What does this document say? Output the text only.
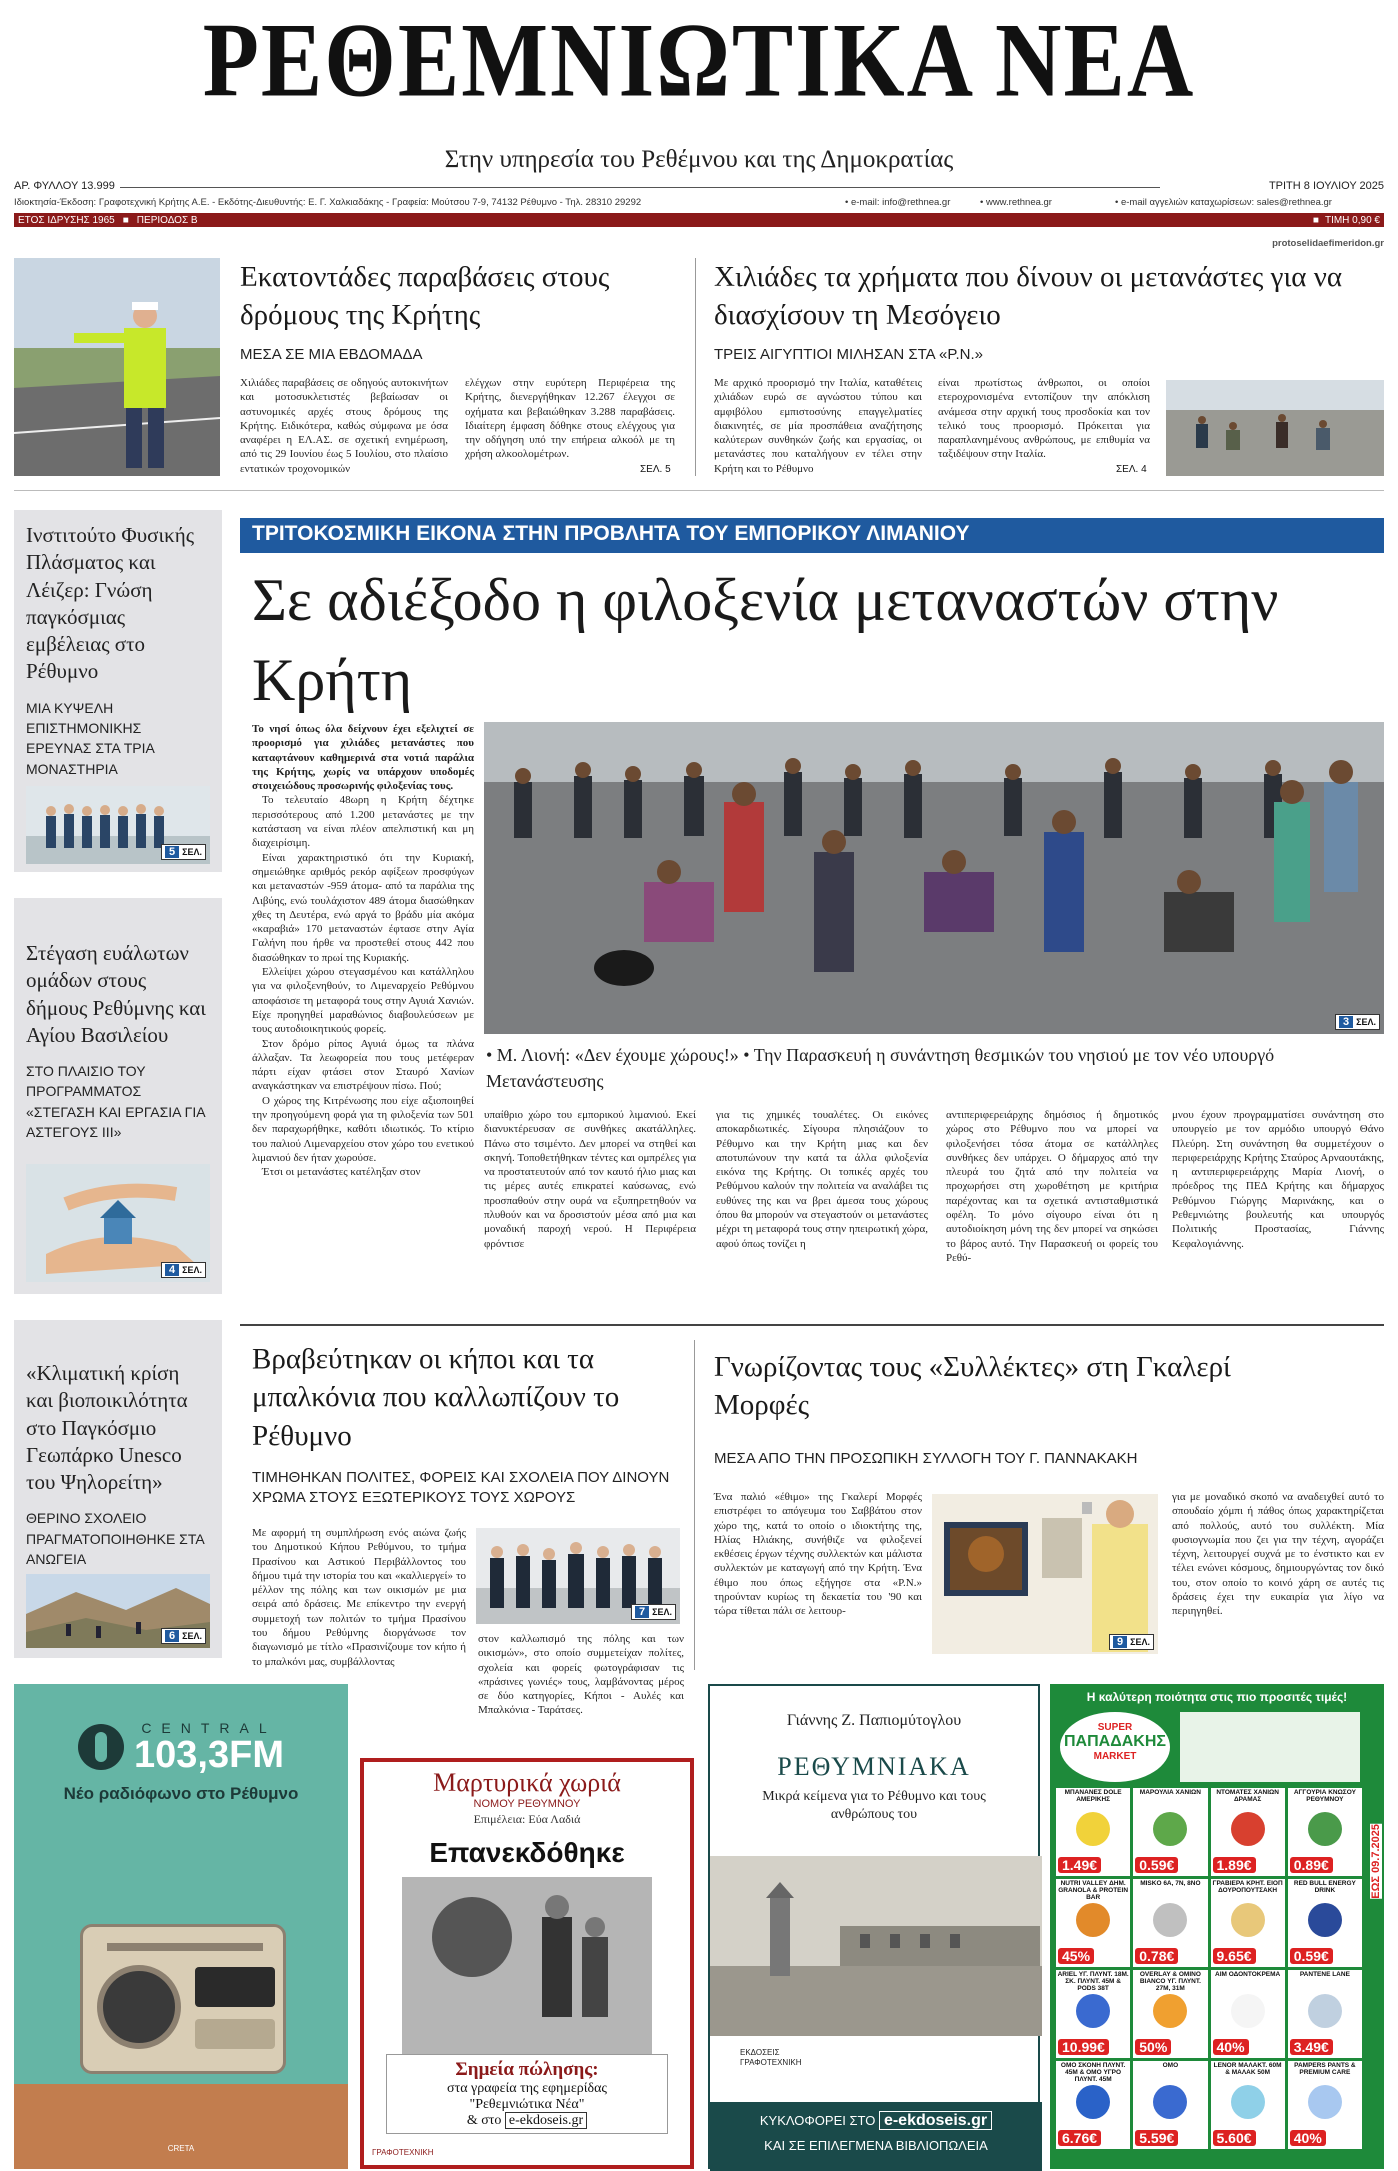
ΡΕΘΕΜΝΙΩΤΙΚΑ ΝΕΑ
Στην υπηρεσία του Ρεθέμνου και της Δημοκρατίας
ΑΡ. ΦΥΛΛΟΥ 13.999	ΤΡΙΤΗ 8 ΙΟΥΛΙΟΥ 2025
Ιδιοκτησία-Έκδοση: Γραφοτεχνική Κρήτης Α.Ε. - Εκδότης-Διευθυντής: Ε. Γ. Χαλκιαδάκης - Γραφεία: Μούτσου 7-9, 74132 Ρέθυμνο - Τηλ. 28310 29292	• e-mail: info@rethnea.gr	• www.rethnea.gr	• e-mail αγγελιών καταχωρίσεων: sales@rethnea.gr
ΕΤΟΣ ΙΔΡΥΣΗΣ 1965 ■ ΠΕΡΙΟΔΟΣ Β	■ ΤΙΜΗ 0,90 €
protoselidaefimeridon.gr
Εκατοντάδες παραβάσεις στους δρόμους της Κρήτης
ΜΕΣΑ ΣΕ ΜΙΑ ΕΒΔΟΜΑΔΑ
Χιλιάδες παραβάσεις σε οδηγούς αυτοκινήτων και μοτοσυκλετιστές βεβαίωσαν οι αστυνομικές αρχές στους δρόμους της Κρήτης. Ειδικότερα, καθώς σύμφωνα με όσα αναφέρει η ΕΛ.ΑΣ. σε σχετική ενημέρωση, από τις 29 Ιουνίου έως 5 Ιουλίου, στο πλαίσιο εντατικών τροχονομικών
ελέγχων στην ευρύτερη Περιφέρεια της Κρήτης, διενεργήθηκαν 12.267 έλεγχοι σε οχήματα και βεβαιώθηκαν 3.288 παραβάσεις. Ιδιαίτερη έμφαση δόθηκε στους ελέγχους για την οδήγηση υπό την επήρεια αλκοόλ με τη χρήση αλκοολομέτρων.
ΣΕΛ. 5
Χιλιάδες τα χρήματα που δίνουν οι μετανάστες για να διασχίσουν τη Μεσόγειο
ΤΡΕΙΣ ΑΙΓΥΠΤΙΟΙ ΜΙΛΗΣΑΝ ΣΤΑ «Ρ.Ν.»
Με αρχικό προορισμό την Ιταλία, καταθέτεις χιλιάδων ευρώ σε αγνώστου τύπου και αμφιβόλου εμπιστοσύνης επαγγελματίες διακινητές, σε μία προσπάθεια αναζήτησης καλύτερων συνθηκών ζωής και εργασίας, οι μετανάστες που καταλήγουν εν τέλει στην Κρήτη και το Ρέθυμνο
είναι πρωτίστως άνθρωποι, οι οποίοι ετεροχρονισμένα εντοπίζουν την απόκλιση ανάμεσα στην αρχική τους προσδοκία και τον τελικό τους προορισμό. Πρόκειται για παραπλανημένους ανθρώπους, με επιθυμία να ταξιδέψουν στην Ιταλία.
ΣΕΛ. 4
Ινστιτούτο Φυσικής Πλάσματος και Λέιζερ: Γνώση παγκόσμιας εμβέλειας στο Ρέθυμνο
ΜΙΑ ΚΥΨΕΛΗ ΕΠΙΣΤΗΜΟΝΙΚΗΣ ΕΡΕΥΝΑΣ ΣΤΑ ΤΡΙΑ ΜΟΝΑΣΤΗΡΙΑ
5 ΣΕΛ.
Στέγαση ευάλωτων ομάδων στους δήμους Ρεθύμνης και Αγίου Βασιλείου
ΣΤΟ ΠΛΑΙΣΙΟ ΤΟΥ ΠΡΟΓΡΑΜΜΑΤΟΣ «ΣΤΕΓΑΣΗ ΚΑΙ ΕΡΓΑΣΙΑ ΓΙΑ ΑΣΤΕΓΟΥΣ ΙΙΙ»
4 ΣΕΛ.
«Κλιματική κρίση και βιοποικιλότητα στο Παγκόσμιο Γεωπάρκο Unesco του Ψηλορείτη»
ΘΕΡΙΝΟ ΣΧΟΛΕΙΟ ΠΡΑΓΜΑΤΟΠΟΙΗΘΗΚΕ ΣΤΑ ΑΝΩΓΕΙΑ
6 ΣΕΛ.
ΤΡΙΤΟΚΟΣΜΙΚΗ ΕΙΚΟΝΑ ΣΤΗΝ ΠΡΟΒΛΗΤΑ ΤΟΥ ΕΜΠΟΡΙΚΟΥ ΛΙΜΑΝΙΟΥ
Σε αδιέξοδο η φιλοξενία μεταναστών στην Κρήτη

Το νησί όπως όλα δείχνουν έχει εξελιχτεί σε προορισμό για χιλιάδες μετανάστες που καταφτάνουν καθημερινά στα νοτιά παράλια της Κρήτης, χωρίς να υπάρχουν υποδομές στοιχειώδους προσωρινής φιλοξενίας τους.

Το τελευταίο 48ωρη η Κρήτη δέχτηκε περισσότερους από 1.200 μετανάστες με την κατάσταση να είναι πλέον απελπιστική και μη διαχειρίσιμη.

Είναι χαρακτηριστικό ότι την Κυριακή, σημειώθηκε αριθμός ρεκόρ αφίξεων προσφύγων και μεταναστών -959 άτομα- από τα παράλια της Λιβύης, ενώ τουλάχιστον 489 άτομα διασώθηκαν χθες τη Δευτέρα, ενώ αργά το βράδυ μία ακόμα «καραβιά» 170 μεταναστών έφτασε στην Αγία Γαλήνη που ήρθε να προστεθεί στους 442 που διασώθηκαν το πρωί της Κυριακής.

Ελλείψει χώρου στεγασμένου και κατάλληλου για να φιλοξενηθούν, το Λιμεναρχείο Ρεθύμνου αποφάσισε τη μεταφορά τους στην Αγυιά Χανιών. Είχε προηγηθεί μαραθώνιος διαβουλεύσεων με τους αυτοδιοικητικούς φορείς.

Στον δρόμο ρίπος Αγυιά όμως τα πλάνα άλλαξαν. Τα λεωφορεία που τους μετέφεραν πάρτι είχαν φτάσει στον Σταυρό Χανίων αναγκάστηκαν να επιστρέψουν πίσω. Πού;

Ο χώρος της Κιτρένωσης που είχε αξιοποιηθεί την προηγούμενη φορά για τη φιλοξενία των 501 δεν παραχωρήθηκε, καθότι ιδιωτικός. Το κτίριο του παλιού Λιμεναρχείου στον χώρο του ενετικού λιμανιού δεν ήταν χωρούσε.

Έτσι οι μετανάστες κατέληξαν στον

3 ΣΕΛ.
• Μ. Λιονή: «Δεν έχουμε χώρους!» • Την Παρασκευή η συνάντηση θεσμικών του νησιού με τον νέο υπουργό Μετανάστευσης
υπαίθριο χώρο του εμπορικού λιμανιού. Εκεί διανυκτέρευσαν σε συνθήκες ακατάλληλες. Πάνω στο τσιμέντο. Δεν μπορεί να στηθεί και σκηνή. Τοποθετήθηκαν τέντες και ομπρέλες για να προστατευτούν από τον καυτό ήλιο μιας και τις μέρες αυτές επικρατεί καύσωνας, ενώ προσπαθούν στην ουρά να εξυπηρετηθούν να πλυθούν και να δροσιστούν μέσα από μια και μοναδική παροχή νερού. Η Περιφέρεια φρόντισε
για τις χημικές τουαλέτες. Οι εικόνες αποκαρδιωτικές. Σίγουρα πλησιάζουν το Ρέθυμνο και την Κρήτη μιας και δεν αποτυπώνουν την κατά τα άλλα φιλοξενία εικόνα της Κρήτης. Οι τοπικές αρχές του Ρεθύμνου καλούν την πολιτεία να αναλάβει τις ευθύνες της και να βρει άμεσα τους χώρους όπου θα μπορούν να στεγαστούν οι μετανάστες μέχρι τη μεταφορά τους στην ηπειρωτική χώρα, αφού όπως τονίζει η
αντιπεριφερειάρχης δημόσιος ή δημοτικός χώρος στο Ρέθυμνο που να μπορεί να φιλοξενήσει τόσα άτομα σε κατάλληλες συνθήκες δεν υπάρχει. Ο δήμαρχος από την πλευρά του ζητά από την πολιτεία να προχωρήσει στη χωροθέτηση με κριτήρια παρέχοντας και τα σχετικά αντισταθμιστικά οφέλη. Το μόνο σίγουρο είναι ότι η αυτοδιοίκηση μόνη της δεν μπορεί να σηκώσει το βάρος αυτό. Την Παρασκευή οι φορείς του Ρεθύ-
μνου έχουν προγραμματίσει συνάντηση στο υπουργείο με τον αρμόδιο υπουργό Θάνο Πλεύρη. Στη συνάντηση θα συμμετέχουν ο περιφερειάρχης Κρήτης Σταύρος Αρναουτάκης, η αντιπεριφερειάρχης Μαρία Λιονή, ο πρόεδρος της ΠΕΔ Κρήτης και δήμαρχος Ρεθύμνου Γιώργης Μαρινάκης, και ο Ρεθεμνιώτης βουλευτής και υπουργός Πολιτικής Προστασίας, Γιάννης Κεφαλογιάννης.
Βραβεύτηκαν οι κήποι και τα μπαλκόνια που καλλωπίζουν το Ρέθυμνο
ΤΙΜΗΘΗΚΑΝ ΠΟΛΙΤΕΣ, ΦΟΡΕΙΣ ΚΑΙ ΣΧΟΛΕΙΑ ΠΟΥ ΔΙΝΟΥΝ ΧΡΩΜΑ ΣΤΟΥΣ ΕΞΩΤΕΡΙΚΟΥΣ ΤΟΥΣ ΧΩΡΟΥΣ
Με αφορμή τη συμπλήρωση ενός αιώνα ζωής του Δημοτικού Κήπου Ρεθύμνου, το τμήμα Πρασίνου και Αστικού Περιβάλλοντος του δήμου τιμά την ιστορία του και «καλλιεργεί» το μέλλον της πόλης και των οικισμών με μια σειρά από δράσεις. Με επίκεντρο την ενεργή συμμετοχή των πολιτών το τμήμα Πρασίνου του δήμου Ρεθύμνης διοργάνωσε τον διαγωνισμό με τίτλο «Πρασινίζουμε τον κήπο ή το μπαλκόνι μας, συμβάλλοντας
7 ΣΕΛ.
στον καλλωπισμό της πόλης και των οικισμών», στο οποίο συμμετείχαν πολίτες, σχολεία και φορείς φωτογράφισαν τις «πράσινες γωνιές» τους, λαμβάνοντας μέρος σε δύο κατηγορίες, Κήποι - Αυλές και Μπαλκόνια - Ταράτσες.
Γνωρίζοντας τους «Συλλέκτες» στη Γκαλερί Μορφές
ΜΕΣΑ ΑΠΟ ΤΗΝ ΠΡΟΣΩΠΙΚΗ ΣΥΛΛΟΓΗ ΤΟΥ Γ. ΠΑΝΝΑΚΑΚΗ
Ένα παλιό «έθιμο» της Γκαλερί Μορφές επιστρέφει το απόγευμα του Σαββάτου στον χώρο της, κατά το οποίο ο ιδιοκτήτης της, Ηλίας Ηλιάκης, συνήθιζε να φιλοξενεί εκθέσεις έργων τέχνης συλλεκτών και μάλιστα συλλεκτών με καταγωγή από την Κρήτη. Ένα έθιμο που όπως εξήγησε στα «Ρ.Ν.» τηρούνταν κυρίως τη δεκαετία του '90 και τώρα τίθεται πάλι σε λειτουρ-
9 ΣΕΛ.
για με μοναδικό σκοπό να αναδειχθεί αυτό το σπουδαίο χόμπι ή πάθος όπως χαρακτηρίζεται από πολλούς, αυτό του συλλέκτη. Μία φυσιογνωμία που ζει για την τέχνη, αγοράζει τέχνη, λειτουργεί συχνά με το ένστικτο και εν τέλει ενώνει κόσμους, δημιουργώντας τον δικό του, στον οποίο το κοινό χάρη σε αυτές τις δράσεις έχει την ευκαιρία για λίγο να περιηγηθεί.
CENTRAL
103,3FM
Νέο ραδιόφωνο στο Ρέθυμνο
CRETA
Μαρτυρικά χωριά
ΝΟΜΟΥ ΡΕΘΥΜΝΟΥ
Επιμέλεια: Εύα Λαδιά
Επανεκδόθηκε
Σημεία πώλησης:
στα γραφεία της εφημερίδας
"Ρεθεμνιώτικα Νέα"
& στο e-ekdoseis.gr
ΓΡΑΦΟΤΕΧΝΙΚΗ
Γιάννης Ζ. Παπιομύτογλου
ΡΕΘΥΜΝΙΑΚΑ
Μικρά κείμενα για το Ρέθυμνο και τους ανθρώπους του
ΕΚΔΟΣΕΙΣ ΓΡΑΦΟΤΕΧΝΙΚΗ
ΚΥΚΛΟΦΟΡΕΙ ΣΤΟ e-ekdoseis.gr
ΚΑΙ ΣΕ ΕΠΙΛΕΓΜΕΝΑ ΒΙΒΛΙΟΠΩΛΕΙΑ
Η καλύτερη ποιότητα στις πιο προσιτές τιμές!
SUPER
ΠΑΠΑΔΑΚΗΣ
MARKET
ΕΩΣ 09.7.2025
ΜΠΑΝΑΝΕΣ DOLE ΑΜΕΡΙΚΗΣ
1.49€
ΜΑΡΟΥΛΙΑ ΧΑΝΙΩΝ
0.59€
ΝΤΟΜΑΤΕΣ ΧΑΝΙΩΝ ΔΡΑΜΑΣ
1.89€
ΑΓΓΟΥΡΙΑ ΚΝΩΣΟΥ ΡΕΘΥΜΝΟΥ
0.89€
NUTRI VALLEY ΔΗΜ. GRANOLA & PROTEIN BAR
45%
MISKO 6Α, 7Ν, 8ΝΟ
0.78€
ΓΡΑΒΙΕΡΑ ΚΡΗΤ. ΕΙΟΠ ΔΟΥΡΟΠΟΥΤΣΑΚΗ
9.65€
RED BULL ENERGY DRINK
0.59€
ARIEL ΥΓ. ΠΛΥΝΤ. 18Μ. ΣΚ. ΠΛΥΝΤ. 45Μ & PODS 38Τ
10.99€
OVERLAY & ΟΜΙΝΟ BIANCO ΥΓ. ΠΛΥΝΤ. 27Μ, 31Μ
50%
AIM ΟΔΟΝΤΟΚΡΕΜΑ
40%
PANTENE LANE
3.49€
OMO ΣΚΟΝΗ ΠΛΥΝΤ. 45Μ & OMO ΥΓΡΟ ΠΛΥΝΤ. 45Μ
6.76€
OMO
5.59€
LENOR ΜΑΛΑΚΤ. 60Μ & ΜΑΛΑΚ 50Μ
5.60€
PAMPERS PANTS & PREMIUM CARE
40%
